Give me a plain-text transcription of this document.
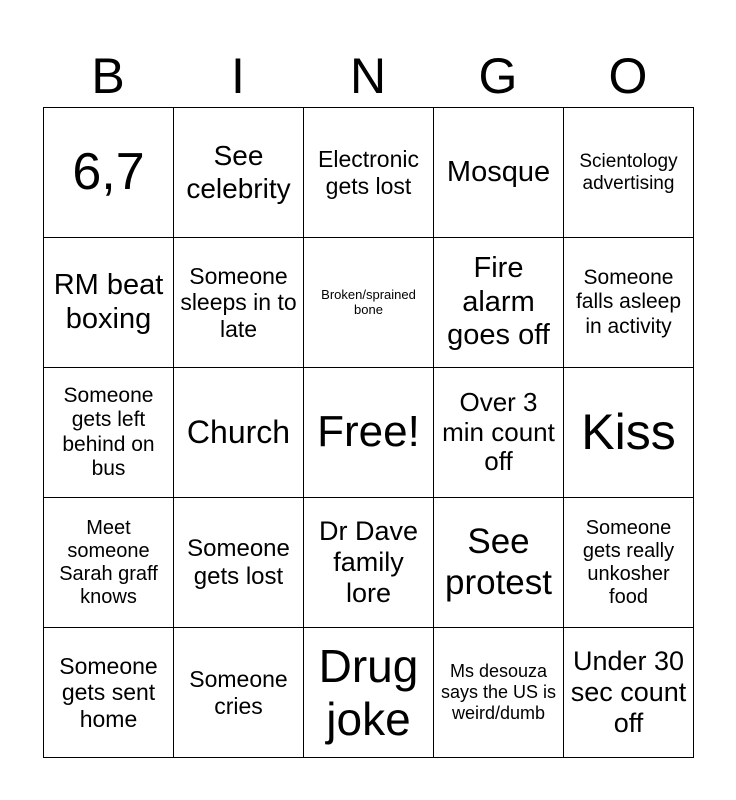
B	I	N	G	O
6,7	See celebrity
Electronic gets lost	Mosque	Scientology advertising
RM beat boxing
Someone sleeps in to late
Broken/sprained bone
Fire alarm goes off
Someone falls asleep in activity
Someone gets left behind on bus
Church Free!
Over 3 min count off
Kiss
Meet someone Sarah graff knows
Someone gets lost
Dr Dave family lore
See protest
Someone gets really unkosher food
Someone gets sent home
Someone cries
Drug joke
Ms desouza says the US is weird/dumb
Under 30 sec count off
